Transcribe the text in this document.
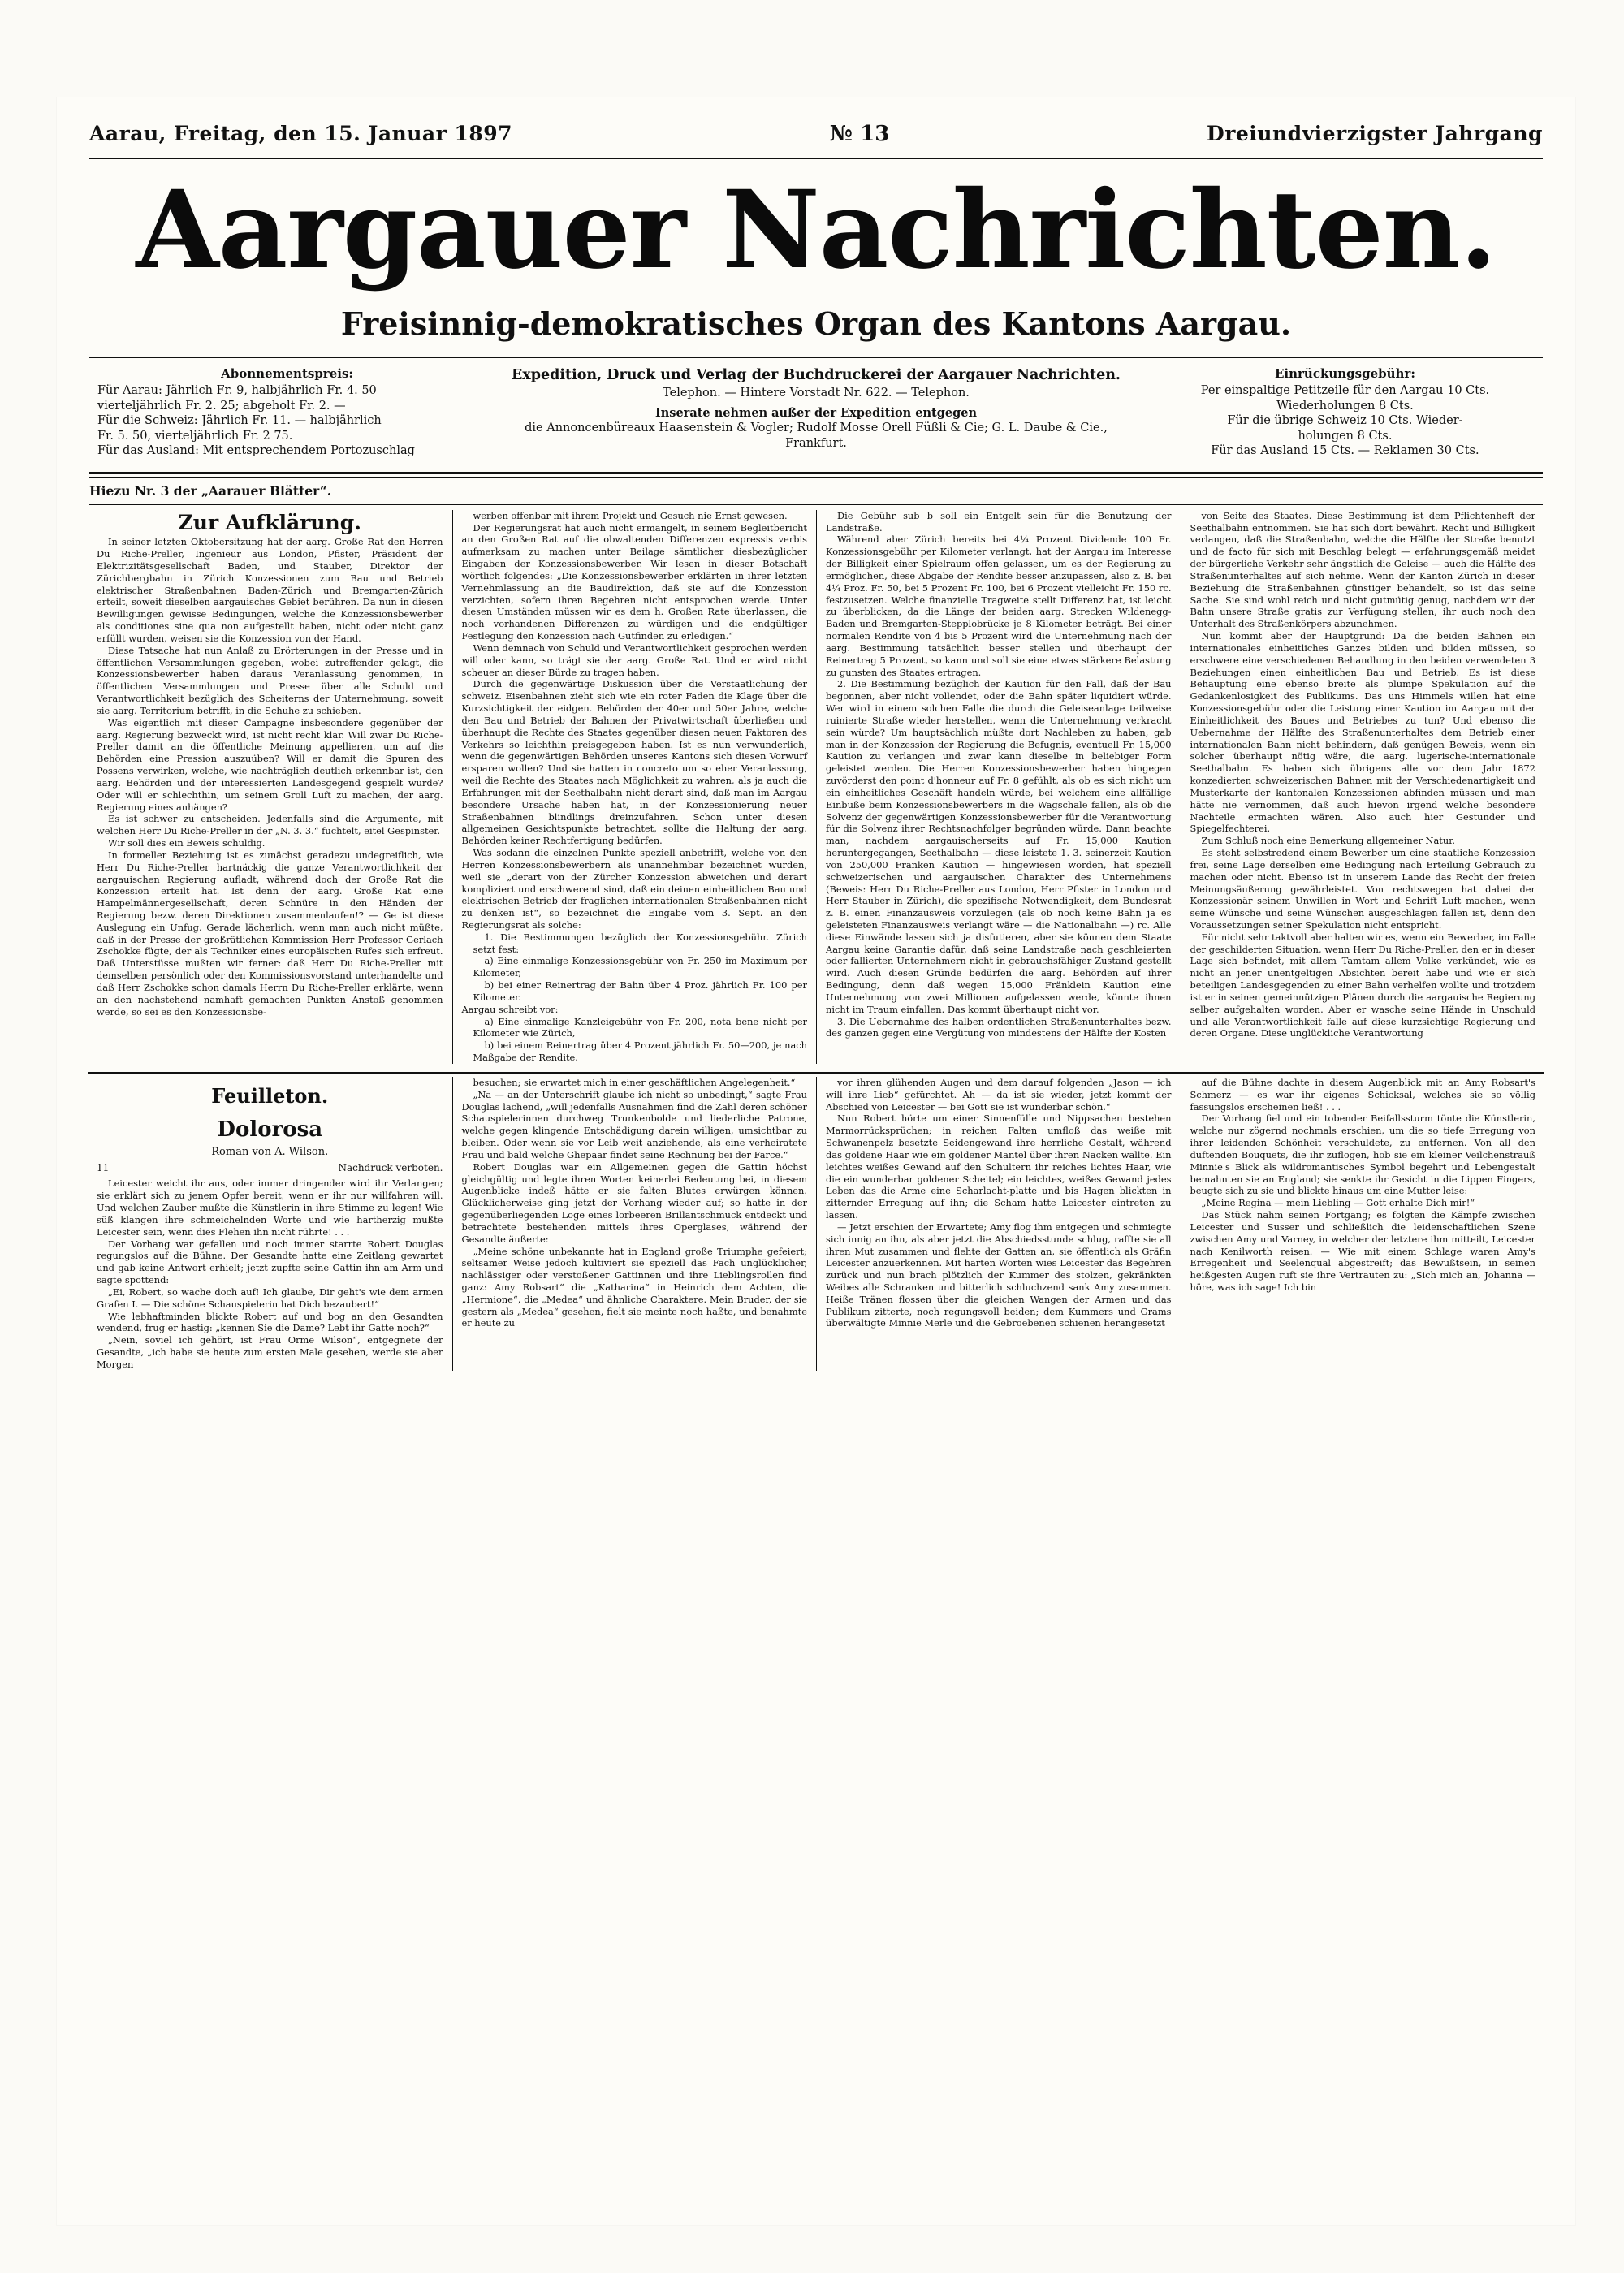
Aarau, Freitag, den 15. Januar 1897	№ 13	Dreiundvierzigster Jahrgang
Aargauer Nachrichten.
Freisinnig-demokratisches Organ des Kantons Aargau.
Abonnementspreis:

Für Aarau: Jährlich Fr. 9, halbjährlich Fr. 4. 50

vierteljährlich Fr. 2. 25; abgeholt Fr. 2. —

Für die Schweiz: Jährlich Fr. 11. — halbjährlich

Fr. 5. 50, vierteljährlich Fr. 2 75.

Für das Ausland: Mit entsprechendem Portozuschlag

Expedition, Druck und Verlag der Buchdruckerei der Aargauer Nachrichten.

Telephon. — Hintere Vorstadt Nr. 622. — Telephon.

Inserate nehmen außer der Expedition entgegen

die Annoncenbüreaux Haasenstein & Vogler; Rudolf Mosse Orell Füßli & Cie; G. L. Daube & Cie., Frankfurt.

Einrückungsgebühr:

Per einspaltige Petitzeile für den Aargau 10 Cts.

Wiederholungen 8 Cts.

Für die übrige Schweiz 10 Cts. Wieder-

holungen 8 Cts.

Für das Ausland 15 Cts. — Reklamen 30 Cts.

Hiezu Nr. 3 der „Aarauer Blätter“.

Zur Aufklärung.

In seiner letzten Oktobersitzung hat der aarg. Große Rat den Herren Du Riche-Preller, Ingenieur aus London, Pfister, Präsident der Elektrizitätsgesellschaft Baden, und Stauber, Direktor der Zürichbergbahn in Zürich Konzessionen zum Bau und Betrieb elektrischer Straßenbahnen Baden-Zürich und Bremgarten-Zürich erteilt, soweit dieselben aargauisches Gebiet berühren. Da nun in diesen Bewilligungen gewisse Bedingungen, welche die Konzessionsbewerber als conditiones sine qua non aufgestellt haben, nicht oder nicht ganz erfüllt wurden, weisen sie die Konzession von der Hand.

Diese Tatsache hat nun Anlaß zu Erörterungen in der Presse und in öffentlichen Versammlungen gegeben, wobei zutreffender gelagt, die Konzessionsbewerber haben daraus Veranlassung genommen, in öffentlichen Versammlungen und Presse über alle Schuld und Verantwortlichkeit bezüglich des Scheiterns der Unternehmung, soweit sie aarg. Territorium betrifft, in die Schuhe zu schieben.

Was eigentlich mit dieser Campagne insbesondere gegenüber der aarg. Regierung bezweckt wird, ist nicht recht klar. Will zwar Du Riche-Preller damit an die öffentliche Meinung appellieren, um auf die Behörden eine Pression auszuüben? Will er damit die Spuren des Possens verwirken, welche, wie nachträglich deutlich erkennbar ist, den aarg. Behörden und der interessierten Landesgegend gespielt wurde? Oder will er schlechthin, um seinem Groll Luft zu machen, der aarg. Regierung eines anhängen?

Es ist schwer zu entscheiden. Jedenfalls sind die Argumente, mit welchen Herr Du Riche-Preller in der „N. 3. 3.“ fuchtelt, eitel Gespinster.

Wir soll dies ein Beweis schuldig.

In formeller Beziehung ist es zunächst geradezu undegreiflich, wie Herr Du Riche-Preller hartnäckig die ganze Verantwortlichkeit der aargauischen Regierung aufladt, während doch der Große Rat die Konzession erteilt hat. Ist denn der aarg. Große Rat eine Hampelmännergesellschaft, deren Schnüre in den Händen der Regierung bezw. deren Direktionen zusammenlaufen!? — Ge ist diese Auslegung ein Unfug. Gerade lächerlich, wenn man auch nicht müßte, daß in der Presse der großrätlichen Kommission Herr Professor Gerlach Zschokke fügte, der als Techniker eines europäischen Rufes sich erfreut. Daß Unterstüsse mußten wir ferner: daß Herr Du Riche-Preller mit demselben persönlich oder den Kommissionsvorstand unterhandelte und daß Herr Zschokke schon damals Herrn Du Riche-Preller erklärte, wenn an den nachstehend namhaft gemachten Punkten Anstoß genommen werde, so sei es den Konzessionsbe-

werben offenbar mit ihrem Projekt und Gesuch nie Ernst gewesen.

Der Regierungsrat hat auch nicht ermangelt, in seinem Begleitbericht an den Großen Rat auf die obwaltenden Differenzen expressis verbis aufmerksam zu machen unter Beilage sämtlicher diesbezüglicher Eingaben der Konzessionsbewerber. Wir lesen in dieser Botschaft wörtlich folgendes: „Die Konzessionsbewerber erklärten in ihrer letzten Vernehmlassung an die Baudirektion, daß sie auf die Konzession verzichten, sofern ihren Begehren nicht entsprochen werde. Unter diesen Umständen müssen wir es dem h. Großen Rate überlassen, die noch vorhandenen Differenzen zu würdigen und die endgültiger Festlegung den Konzession nach Gutfinden zu erledigen.“

Wenn demnach von Schuld und Verantwortlichkeit gesprochen werden will oder kann, so trägt sie der aarg. Große Rat. Und er wird nicht scheuer an dieser Bürde zu tragen haben.

Durch die gegenwärtige Diskussion über die Verstaatlichung der schweiz. Eisenbahnen zieht sich wie ein roter Faden die Klage über die Kurzsichtigkeit der eidgen. Behörden der 40er und 50er Jahre, welche den Bau und Betrieb der Bahnen der Privatwirtschaft überließen und überhaupt die Rechte des Staates gegenüber diesen neuen Faktoren des Verkehrs so leichthin preisgegeben haben. Ist es nun verwunderlich, wenn die gegenwärtigen Behörden unseres Kantons sich diesen Vorwurf ersparen wollen? Und sie hatten in concreto um so eher Veranlassung, weil die Rechte des Staates nach Möglichkeit zu wahren, als ja auch die Erfahrungen mit der Seethalbahn nicht derart sind, daß man im Aargau besondere Ursache haben hat, in der Konzessionierung neuer Straßenbahnen blindlings dreinzufahren. Schon unter diesen allgemeinen Gesichtspunkte betrachtet, sollte die Haltung der aarg. Behörden keiner Rechtfertigung bedürfen.

Was sodann die einzelnen Punkte speziell anbetrifft, welche von den Herren Konzessionsbewerbern als unannehmbar bezeichnet wurden, weil sie „derart von der Zürcher Konzession abweichen und derart kompliziert und erschwerend sind, daß ein deinen einheitlichen Bau und elektrischen Betrieb der fraglichen internationalen Straßenbahnen nicht zu denken ist“, so bezeichnet die Eingabe vom 3. Sept. an den Regierungsrat als solche:

1. Die Bestimmungen bezüglich der Konzessionsgebühr. Zürich setzt fest:

a) Eine einmalige Konzessionsgebühr von Fr. 250 im Maximum per Kilometer,

b) bei einer Reinertrag der Bahn über 4 Proz. jährlich Fr. 100 per Kilometer.

Aargau schreibt vor:

a) Eine einmalige Kanzleigebühr von Fr. 200, nota bene nicht per Kilometer wie Zürich,

b) bei einem Reinertrag über 4 Prozent jährlich Fr. 50—200, je nach Maßgabe der Rendite.

Die Gebühr sub b soll ein Entgelt sein für die Benutzung der Landstraße.

Während aber Zürich bereits bei 4¼ Prozent Dividende 100 Fr. Konzessionsgebühr per Kilometer verlangt, hat der Aargau im Interesse der Billigkeit einer Spielraum offen gelassen, um es der Regierung zu ermöglichen, diese Abgabe der Rendite besser anzupassen, also z. B. bei 4¼ Proz. Fr. 50, bei 5 Prozent Fr. 100, bei 6 Prozent vielleicht Fr. 150 rc. festzusetzen. Welche finanzielle Tragweite stellt Differenz hat, ist leicht zu überblicken, da die Länge der beiden aarg. Strecken Wildenegg-Baden und Bremgarten-Stepplobrücke je 8 Kilometer beträgt. Bei einer normalen Rendite von 4 bis 5 Prozent wird die Unternehmung nach der aarg. Bestimmung tatsächlich besser stellen und überhaupt der Reinertrag 5 Prozent, so kann und soll sie eine etwas stärkere Belastung zu gunsten des Staates ertragen.

2. Die Bestimmung bezüglich der Kaution für den Fall, daß der Bau begonnen, aber nicht vollendet, oder die Bahn später liquidiert würde. Wer wird in einem solchen Falle die durch die Geleiseanlage teilweise ruinierte Straße wieder herstellen, wenn die Unternehmung verkracht sein würde? Um hauptsächlich müßte dort Nachleben zu haben, gab man in der Konzession der Regierung die Befugnis, eventuell Fr. 15,000 Kaution zu verlangen und zwar kann dieselbe in beliebiger Form geleistet werden. Die Herren Konzessionsbewerber haben hingegen zuvörderst den point d'honneur auf Fr. 8 gefühlt, als ob es sich nicht um ein einheitliches Geschäft handeln würde, bei welchem eine allfällige Einbuße beim Konzessionsbewerbers in die Wagschale fallen, als ob die Solvenz der gegenwärtigen Konzessionsbewerber für die Verantwortung für die Solvenz ihrer Rechtsnachfolger begründen würde. Dann beachte man, nachdem aargauischerseits auf Fr. 15,000 Kaution heruntergegangen, Seethalbahn — diese leistete 1. 3. seinerzeit Kaution von 250,000 Franken Kaution — hingewiesen worden, hat speziell schweizerischen und aargauischen Charakter des Unternehmens (Beweis: Herr Du Riche-Preller aus London, Herr Pfister in London und Herr Stauber in Zürich), die spezifische Notwendigkeit, dem Bundesrat z. B. einen Finanzausweis vorzulegen (als ob noch keine Bahn ja es geleisteten Finanzausweis verlangt wäre — die Nationalbahn —) rc. Alle diese Einwände lassen sich ja disfutieren, aber sie können dem Staate Aargau keine Garantie dafür, daß seine Landstraße nach geschleierten oder fallierten Unternehmern nicht in gebrauchsfähiger Zustand gestellt wird. Auch diesen Gründe bedürfen die aarg. Behörden auf ihrer Bedingung, denn daß wegen 15,000 Fränklein Kaution eine Unternehmung von zwei Millionen aufgelassen werde, könnte ihnen nicht im Traum einfallen. Das kommt überhaupt nicht vor.

3. Die Uebernahme des halben ordentlichen Straßenunterhaltes bezw. des ganzen gegen eine Vergütung von mindestens der Hälfte der Kosten

von Seite des Staates. Diese Bestimmung ist dem Pflichtenheft der Seethalbahn entnommen. Sie hat sich dort bewährt. Recht und Billigkeit verlangen, daß die Straßenbahn, welche die Hälfte der Straße benutzt und de facto für sich mit Beschlag belegt — erfahrungsgemäß meidet der bürgerliche Verkehr sehr ängstlich die Geleise — auch die Hälfte des Straßenunterhaltes auf sich nehme. Wenn der Kanton Zürich in dieser Beziehung die Straßenbahnen günstiger behandelt, so ist das seine Sache. Sie sind wohl reich und nicht gutmütig genug, nachdem wir der Bahn unsere Straße gratis zur Verfügung stellen, ihr auch noch den Unterhalt des Straßenkörpers abzunehmen.

Nun kommt aber der Hauptgrund: Da die beiden Bahnen ein internationales einheitliches Ganzes bilden und bilden müssen, so erschwere eine verschiedenen Behandlung in den beiden verwendeten 3 Beziehungen einen einheitlichen Bau und Betrieb. Es ist diese Behauptung eine ebenso breite als plumpe Spekulation auf die Gedankenlosigkeit des Publikums. Das uns Himmels willen hat eine Konzessionsgebühr oder die Leistung einer Kaution im Aargau mit der Einheitlichkeit des Baues und Betriebes zu tun? Und ebenso die Uebernahme der Hälfte des Straßenunterhaltes dem Betrieb einer internationalen Bahn nicht behindern, daß genügen Beweis, wenn ein solcher überhaupt nötig wäre, die aarg. lugerische-internationale Seethalbahn. Es haben sich übrigens alle vor dem Jahr 1872 konzedierten schweizerischen Bahnen mit der Verschiedenartigkeit und Musterkarte der kantonalen Konzessionen abfinden müssen und man hätte nie vernommen, daß auch hievon irgend welche besondere Nachteile ermachten wären. Also auch hier Gestunder und Spiegelfechterei.

Zum Schluß noch eine Bemerkung allgemeiner Natur.

Es steht selbstredend einem Bewerber um eine staatliche Konzession frei, seine Lage derselben eine Bedingung nach Erteilung Gebrauch zu machen oder nicht. Ebenso ist in unserem Lande das Recht der freien Meinungsäußerung gewährleistet. Von rechtswegen hat dabei der Konzessionär seinem Unwillen in Wort und Schrift Luft machen, wenn seine Wünsche und seine Wünschen ausgeschlagen fallen ist, denn den Voraussetzungen seiner Spekulation nicht entspricht.

Für nicht sehr taktvoll aber halten wir es, wenn ein Bewerber, im Falle der geschilderten Situation, wenn Herr Du Riche-Preller, den er in dieser Lage sich befindet, mit allem Tamtam allem Volke verkündet, wie es nicht an jener unentgeltigen Absichten bereit habe und wie er sich beteiligen Landesgegenden zu einer Bahn verhelfen wollte und trotzdem ist er in seinen gemeinnützigen Plänen durch die aargauische Regierung selber aufgehalten worden. Aber er wasche seine Hände in Unschuld und alle Verantwortlichkeit falle auf diese kurzsichtige Regierung und deren Organe. Diese unglückliche Verantwortung

Feuilleton.
Dolorosa
Roman von A. Wilson.
11	Nachdruck verboten.

Leicester weicht ihr aus, oder immer dringender wird ihr Verlangen; sie erklärt sich zu jenem Opfer bereit, wenn er ihr nur willfahren will. Und welchen Zauber mußte die Künstlerin in ihre Stimme zu legen! Wie süß klangen ihre schmeichelnden Worte und wie hartherzig mußte Leicester sein, wenn dies Flehen ihn nicht rührte! . . .

Der Vorhang war gefallen und noch immer starrte Robert Douglas regungslos auf die Bühne. Der Gesandte hatte eine Zeitlang gewartet und gab keine Antwort erhielt; jetzt zupfte seine Gattin ihn am Arm und sagte spottend:

„Ei, Robert, so wache doch auf! Ich glaube, Dir geht's wie dem armen Grafen I. — Die schöne Schauspielerin hat Dich bezaubert!“

Wie lebhaftminden blickte Robert auf und bog an den Gesandten wendend, frug er hastig: „kennen Sie die Dame? Lebt ihr Gatte noch?“

„Nein, soviel ich gehört, ist Frau Orme Wilson“, entgegnete der Gesandte, „ich habe sie heute zum ersten Male gesehen, werde sie aber Morgen

besuchen; sie erwartet mich in einer geschäftlichen Angelegenheit.“

„Na — an der Unterschrift glaube ich nicht so unbedingt,“ sagte Frau Douglas lachend, „will jedenfalls Ausnahmen find die Zahl deren schöner Schauspielerinnen durchweg Trunkenbolde und liederliche Patrone, welche gegen klingende Entschädigung darein willigen, umsichtbar zu bleiben. Oder wenn sie vor Leib weit anziehende, als eine verheiratete Frau und bald welche Ghepaar findet seine Rechnung bei der Farce.“

Robert Douglas war ein Allgemeinen gegen die Gattin höchst gleichgültig und legte ihren Worten keinerlei Bedeutung bei, in diesem Augenblicke indeß hätte er sie falten Blutes erwürgen können. Glücklicherweise ging jetzt der Vorhang wieder auf; so hatte in der gegenüberliegenden Loge eines lorbeeren Brillantschmuck entdeckt und betrachtete bestehenden mittels ihres Operglases, während der Gesandte äußerte:

„Meine schöne unbekannte hat in England große Triumphe gefeiert; seltsamer Weise jedoch kultiviert sie speziell das Fach unglücklicher, nachlässiger oder verstoßener Gattinnen und ihre Lieblingsrollen find ganz: Amy Robsart“ die „Katharina“ in Heinrich dem Achten, die „Hermione“, die „Medea“ und ähnliche Charaktere. Mein Bruder, der sie gestern als „Medea“ gesehen, fielt sie meinte noch haßte, und benahmte er heute zu

vor ihren glühenden Augen und dem darauf folgenden „Jason — ich will ihre Lieb“ gefürchtet. Ah — da ist sie wieder, jetzt kommt der Abschied von Leicester — bei Gott sie ist wunderbar schön.“

Nun Robert hörte um einer Sinnenfülle und Nippsachen bestehen Marmorrücksprüchen; in reichen Falten umfloß das weiße mit Schwanenpelz besetzte Seidengewand ihre herrliche Gestalt, während das goldene Haar wie ein goldener Mantel über ihren Nacken wallte. Ein leichtes weißes Gewand auf den Schultern ihr reiches lichtes Haar, wie die ein wunderbar goldener Scheitel; ein leichtes, weißes Gewand jedes Leben das die Arme eine Scharlacht-platte und bis Hagen blickten in zitternder Erregung auf ihn; die Scham hatte Leicester eintreten zu lassen.

— Jetzt erschien der Erwartete; Amy flog ihm entgegen und schmiegte sich innig an ihn, als aber jetzt die Abschiedsstunde schlug, raffte sie all ihren Mut zusammen und flehte der Gatten an, sie öffentlich als Gräfin Leicester anzuerkennen. Mit harten Worten wies Leicester das Begehren zurück und nun brach plötzlich der Kummer des stolzen, gekränkten Weibes alle Schranken und bitterlich schluchzend sank Amy zusammen. Heiße Tränen flossen über die gleichen Wangen der Armen und das Publikum zitterte, noch regungsvoll beiden; dem Kummers und Grams überwältigte Minnie Merle und die Gebroebenen schienen herangesetzt

auf die Bühne dachte in diesem Augenblick mit an Amy Robsart's Schmerz — es war ihr eigenes Schicksal, welches sie so völlig fassungslos erscheinen ließ! . . .

Der Vorhang fiel und ein tobender Beifallssturm tönte die Künstlerin, welche nur zögernd nochmals erschien, um die so tiefe Erregung von ihrer leidenden Schönheit verschuldete, zu entfernen. Von all den duftenden Bouquets, die ihr zuflogen, hob sie ein kleiner Veilchenstrauß Minnie's Blick als wildromantisches Symbol begehrt und Lebengestalt bemahnten sie an England; sie senkte ihr Gesicht in die Lippen Fingers, beugte sich zu sie und blickte hinaus um eine Mutter leise:

„Meine Regina — mein Liebling — Gott erhalte Dich mir!“

Das Stück nahm seinen Fortgang; es folgten die Kämpfe zwischen Leicester und Susser und schließlich die leidenschaftlichen Szene zwischen Amy und Varney, in welcher der letztere ihm mitteilt, Leicester nach Kenilworth reisen. — Wie mit einem Schlage waren Amy's Erregenheit und Seelenqual abgestreift; das Bewußtsein, in seinen heißgesten Augen ruft sie ihre Vertrauten zu: „Sich mich an, Johanna — höre, was ich sage! Ich bin
